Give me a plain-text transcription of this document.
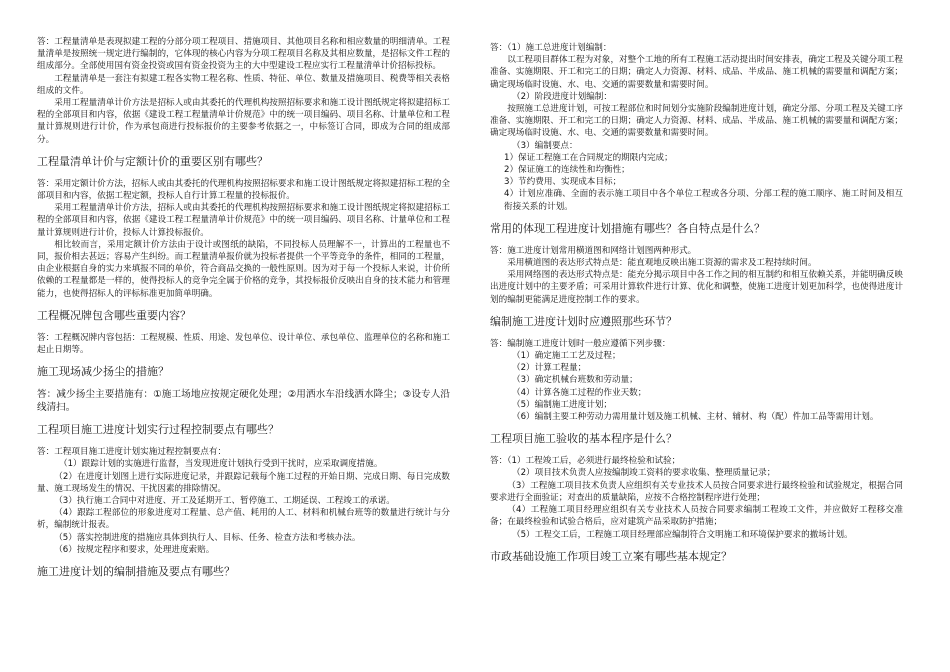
答：工程量清单是表现拟建工程的分部分项工程项目、措施项目、其他项目名称和相应数量的明细清单。工程量清单是按照统一规定进行编制的，它体现的核心内容为分项工程项目名称及其相应数量，是招标文件工程的组成部分。全部使用国有资金投资或国有资金投资为主的大中型建设工程应实行工程量清单计价招标投标。

工程量清单是一套注有拟建工程各实物工程名称、性质、特征、单位、数量及措施项目、税费等相关表格组成的文件。

采用工程量清单计价方法是招标人或由其委托的代理机构按照招标要求和施工设计图纸规定将拟建招标工程的全部项目和内容，依据《建设工程工程量清单计价规范》中的统一项目编码、项目名称、计量单位和工程量计算规则进行计价，作为承包商进行投标报价的主要参考依据之一，中标签订合同，即成为合同的组成部分。

工程量清单计价与定额计价的重要区别有哪些？

答：采用定额计价方法，招标人或由其委托的代理机构按照招标要求和施工设计图纸规定将拟建招标工程的全部项目和内容，依据工程定额，投标人自行计算工程量的投标报价。

采用工程量清单计价方法，招标人或由其委托的代理机构按照招标要求和施工设计图纸规定将拟建招标工程的全部项目和内容，依据《建设工程工程量清单计价规范》中的统一项目编码、项目名称、计量单位和工程量计算规则进行计价，投标人计算投标报价。

相比较而言，采用定额计价方法由于设计或图纸的缺陷，不同投标人员理解不一，计算出的工程量也不同，报价相去甚远；容易产生纠纷。而工程量清单报价就为投标者提供一个平等竞争的条件，相同的工程量，由企业根据自身的实力来填报不同的单价，符合商品交换的一般性原则。因为对于每一个投标人来说，计价所依赖的工程量都是一样的，使得投标人的竞争完全属于价格的竞争，其投标报价反映出自身的技术能力和管理能力，也使得招标人的评标标准更加简单明确。

工程概况牌包含哪些重要内容？

答：工程概况牌内容包括：工程规模、性质、用途、发包单位、设计单位、承包单位、监理单位的名称和施工起止日期等。

施工现场减少扬尘的措施？

答：减少扬尘主要措施有：①施工场地应按规定硬化处理；②用洒水车沿线洒水降尘；③设专人沿线清扫。

工程项目施工进度计划实行过程控制要点有哪些？

答：工程项目施工进度计划实施过程控制要点有：

（1）跟踪计划的实施进行监督，当发现进度计划执行受到干扰时，应采取调度措施。

（2）在进度计划图上进行实际进度记录，并跟踪记载每个施工过程的开始日期、完成日期、每日完成数量、施工现场发生的情况、干扰因素的排除情况。

（3）执行施工合同中对进度、开工及延期开工、暂停施工、工期延误、工程竣工的承诺。

（4）跟踪工程部位的形象进度对工程量、总产值、耗用的人工、材料和机械台班等的数量进行统计与分析，编制统计报表。

（5）落实控制进度的措施应具体到执行人、目标、任务、检查方法和考核办法。

（6）按规定程序和要求，处理进度索赔。

施工进度计划的编制措施及要点有哪些？

答：（1）施工总进度计划编制：

以工程项目群体工程为对象，对整个工地的所有工程施工活动提出时间安排表，确定工程及关键分项工程准备、实施期限、开工和完工的日期；确定人力资源、材料、成品、半成品、施工机械的需要量和调配方案；确定现场临时设施、水、电、交通的需要数量和需要时间。

（2）阶段进度计划编制：

按照施工总进度计划，可按工程部位和时间划分实施阶段编制进度计划，确定分部、分项工程及关键工序准备、实施期限、开工和完工的日期；确定人力资源、材料、成品、半成品、施工机械的需要量和调配方案；确定现场临时设施、水、电、交通的需要数量和需要时间。

（3）编制要点：

1）保证工程施工在合同规定的期限内完成；

2）保证施工的连续性和均衡性；

3）节约费用、实现成本目标；

4）计划应准确、全面的表示施工项目中各个单位工程或各分项、分部工程的施工顺序、施工时间及相互衔接关系的计划。

常用的体现工程进度计划措施有哪些？各自特点是什么？

答：施工进度计划常用横道图和网络计划图两种形式。

采用横道图的表达形式特点是：能直观地反映出施工资源的需求及工程持续时间。

采用网络图的表达形式特点是：能充分揭示项目中各工作之间的相互制约和相互依赖关系，并能明确反映出进度计划中的主要矛盾；可采用计算软件进行计算、优化和调整，使施工进度计划更加科学，也使得进度计划的编制更能满足进度控制工作的要求。

编制施工进度计划时应遵照那些环节？

答：编制施工进度计划时一般应遵循下列步骤：

（1）确定施工工艺及过程；

（2）计算工程量；

（3）确定机械台班数和劳动量；

（4）计算各施工过程的作业天数；

（5）编制施工进度计划；

（6）编制主要工种劳动力需用量计划及施工机械、主材、辅材、构（配）件加工品等需用计划。

工程项目施工验收的基本程序是什么？

答：（1）工程竣工后，必须进行最终检验和试验；

（2）项目技术负责人应按编制竣工资料的要求收集、整理质量记录；

（3）工程施工项目技术负责人应组织有关专业技术人员按合同要求进行最终检验和试验规定，根据合同要求进行全面验证；对查出的质量缺陷，应按不合格控制程序进行处理；

（4）工程施工项目经理应组织有关专业技术人员按合同要求编制工程竣工文件，并应做好工程移交准备；在最终检验和试验合格后，应对建筑产品采取防护措施；

（5）工程交工后，工程施工项目经理部应编制符合文明施工和环境保护要求的撤场计划。

市政基础设施工作项目竣工立案有哪些基本规定？
